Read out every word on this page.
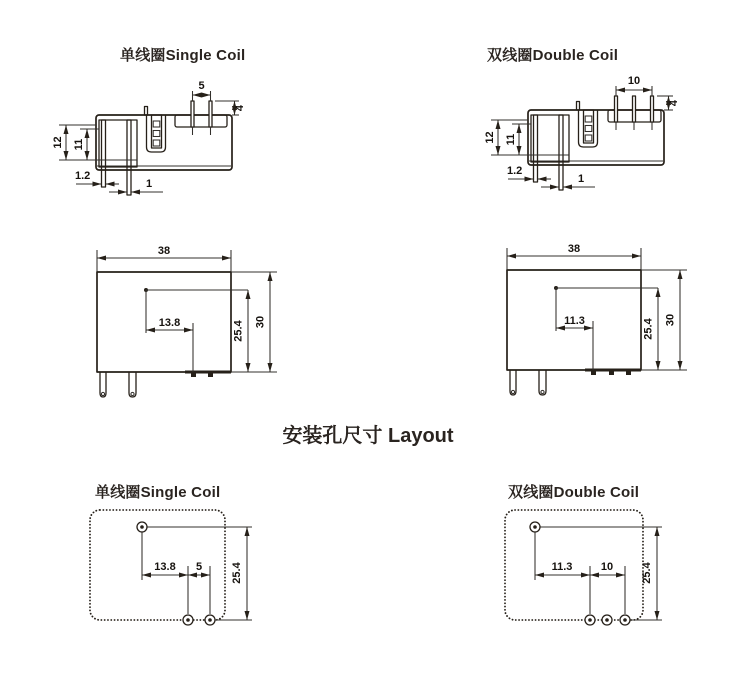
单线圈Single Coil	双线圈Double Coil
安装孔尺寸 Layout
单线圈Single Coil	双线圈Double Coil
5
4
12 11
1.2
1
10
4
12 11
1.2
1
38
13.8	25.4 30
38
11.3	25.4 30
13.8 5	25.4	11.3	10	25.4
